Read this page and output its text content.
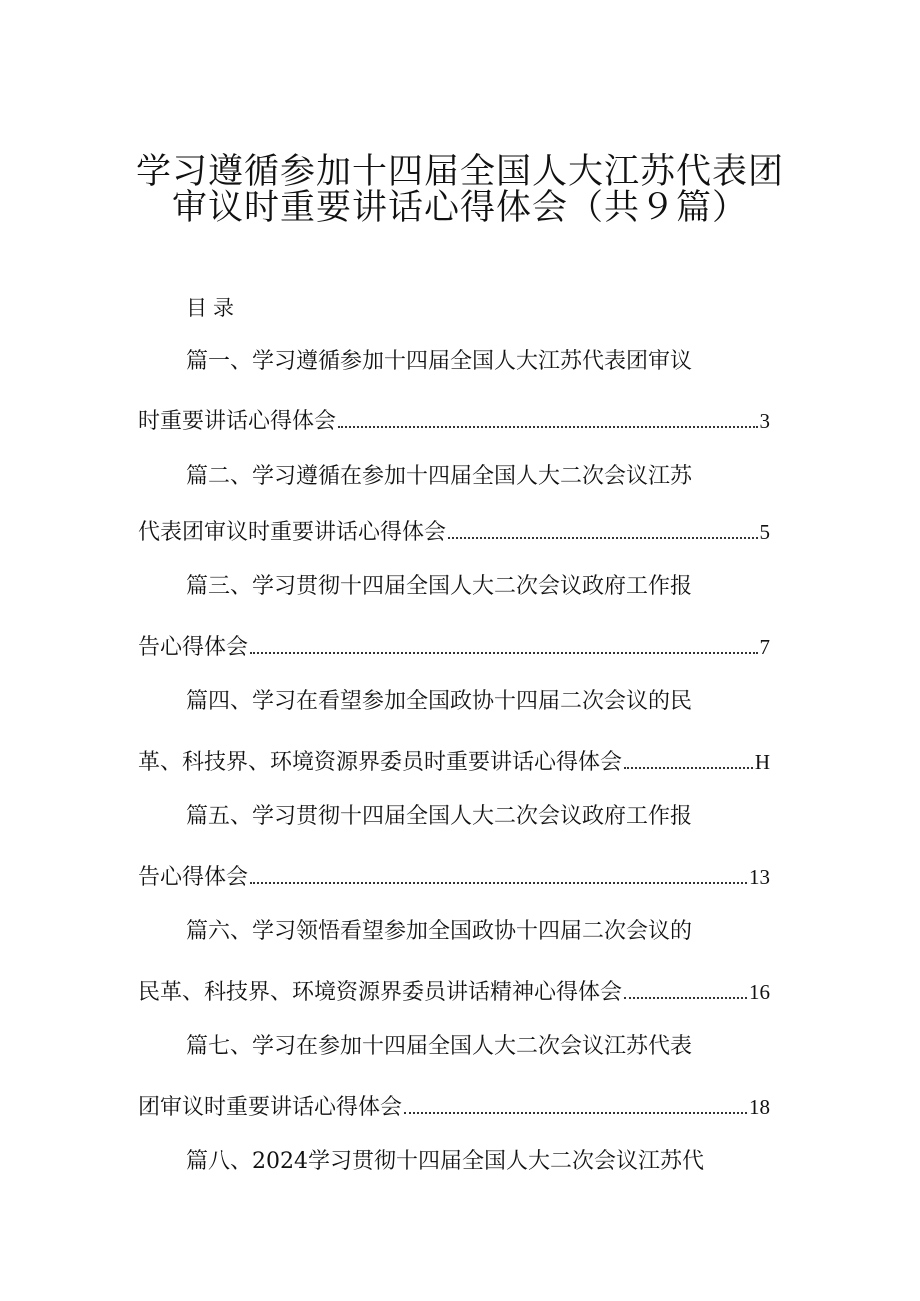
学习遵循参加十四届全国人大江苏代表团
审议时重要讲话心得体会（共９篇）
目录
篇一、学习遵循参加十四届全国人大江苏代表团审议
时重要讲话心得体会	3
篇二、学习遵循在参加十四届全国人大二次会议江苏
代表团审议时重要讲话心得体会	5
篇三、学习贯彻十四届全国人大二次会议政府工作报
告心得体会	7
篇四、学习在看望参加全国政协十四届二次会议的民
革、科技界、环境资源界委员时重要讲话心得体会	H
篇五、学习贯彻十四届全国人大二次会议政府工作报
告心得体会	13
篇六、学习领悟看望参加全国政协十四届二次会议的
民革、科技界、环境资源界委员讲话精神心得体会	16
篇七、学习在参加十四届全国人大二次会议江苏代表
团审议时重要讲话心得体会	18
篇八、2024学习贯彻十四届全国人大二次会议江苏代
